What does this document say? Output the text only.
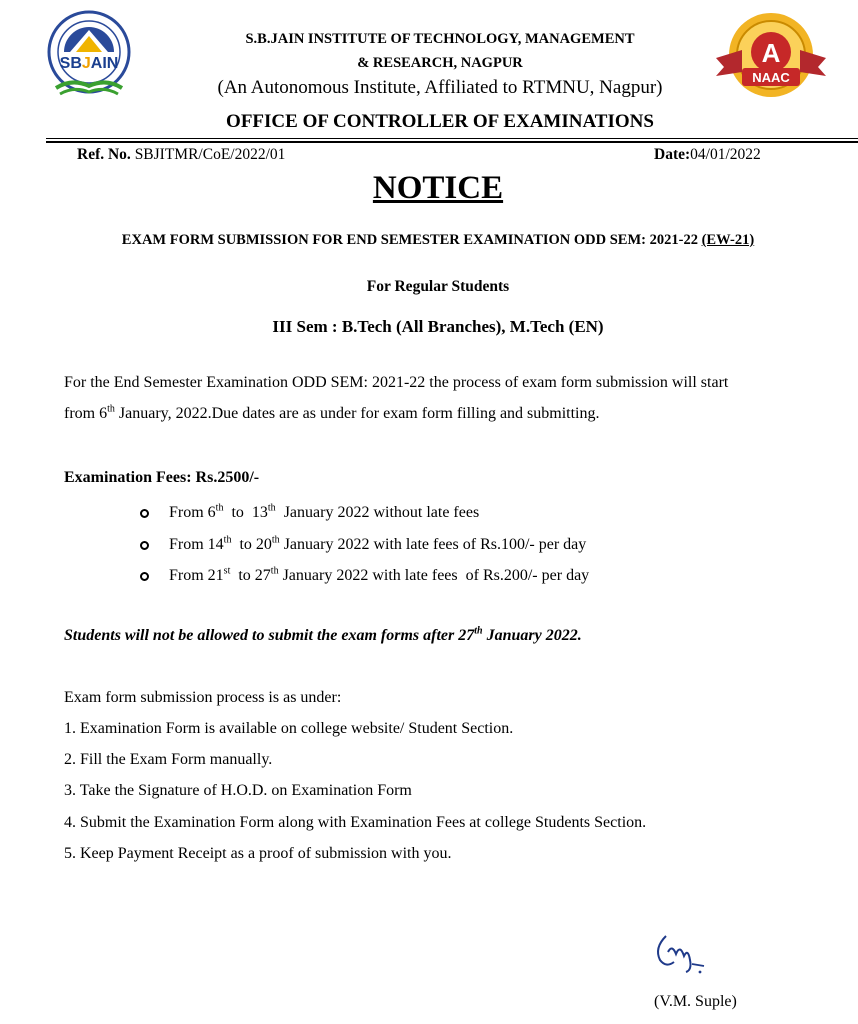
SBJAIN	A
NAAC
S.B.JAIN INSTITUTE OF TECHNOLOGY, MANAGEMENT
& RESEARCH, NAGPUR
(An Autonomous Institute, Affiliated to RTMNU, Nagpur)
OFFICE OF CONTROLLER OF EXAMINATIONS
Ref. No. SBJITMR/CoE/2022/01	Date:04/01/2022
NOTICE
EXAM FORM SUBMISSION FOR END SEMESTER EXAMINATION ODD SEM: 2021-22 (EW-21)
For Regular Students
III Sem : B.Tech (All Branches), M.Tech (EN)
For the End Semester Examination ODD SEM: 2021-22 the process of exam form submission will start
from 6th January, 2022.Due dates are as under for exam form filling and submitting.
Examination Fees: Rs.2500/-
From 6th  to  13th  January 2022 without late fees
From 14th  to 20th January 2022 with late fees of Rs.100/- per day
From 21st  to 27th January 2022 with late fees  of Rs.200/- per day
Students will not be allowed to submit the exam forms after 27th January 2022.
Exam form submission process is as under:
1. Examination Form is available on college website/ Student Section.
2. Fill the Exam Form manually.
3. Take the Signature of H.O.D. on Examination Form
4. Submit the Examination Form along with Examination Fees at college Students Section.
5. Keep Payment Receipt as a proof of submission with you.
(V.M. Suple)
